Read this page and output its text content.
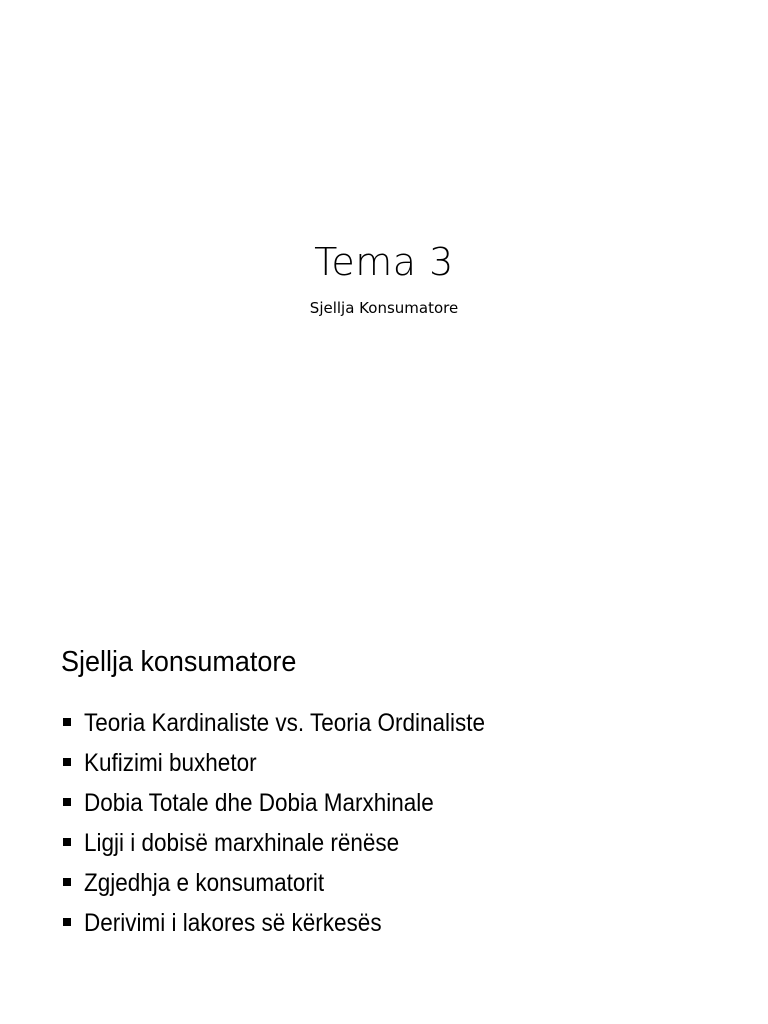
Tema 3
Sjellja Konsumatore
Sjellja konsumatore
Teoria Kardinaliste vs. Teoria Ordinaliste
Kufizimi buxhetor
Dobia Totale dhe Dobia Marxhinale
Ligji i dobisë marxhinale rënëse
Zgjedhja e konsumatorit
Derivimi i lakores së kërkesës
